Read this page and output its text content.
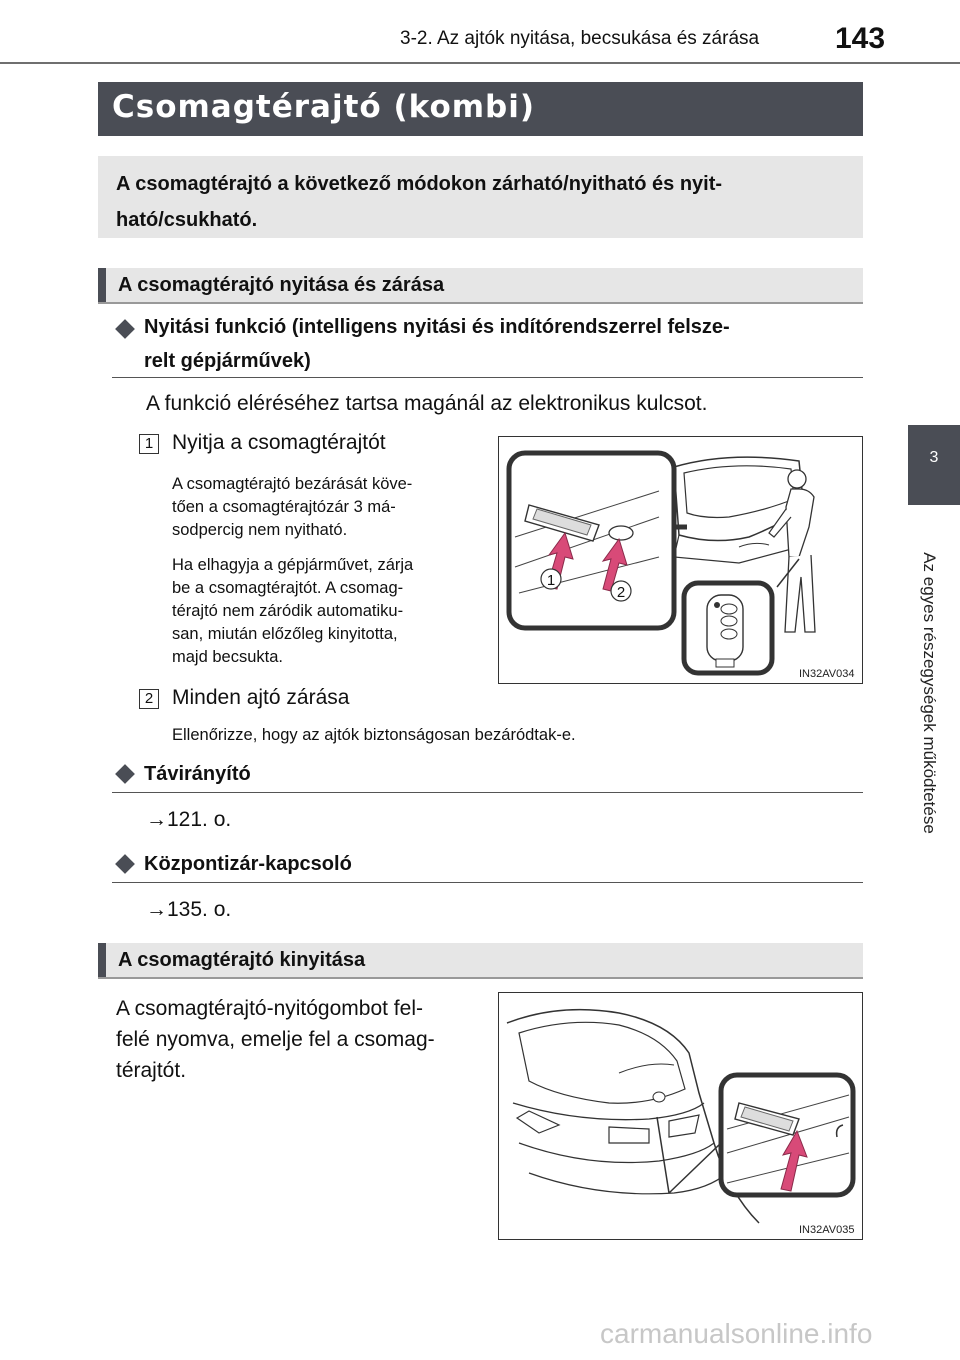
3-2. Az ajtók nyitása, becsukása és zárása	143
3
Az egyes részegységek működtetése
Csomagtérajtó (kombi)
A csomagtérajtó a következő módokon zárható/nyitható és nyit-
ható/csukható.
A csomagtérajtó nyitása és zárása
Nyitási funkció (intelligens nyitási és indítórendszerrel felsze-
relt gépjárművek)
A funkció eléréséhez tartsa magánál az elektronikus kulcsot.
1 Nyitja a csomagtérajtót
A csomagtérajtó bezárását köve-
tően a csomagtérajtózár 3 má-
sodpercig nem nyitható.
Ha elhagyja a gépjárművet, zárja
be a csomagtérajtót. A csomag-
térajtó nem záródik automatiku-
san, miután előzőleg kinyitotta,
majd becsukta.
1
2
IN32AV034
2 Minden ajtó zárása
Ellenőrizze, hogy az ajtók biztonságosan bezáródtak-e.
Távirányító
→121. o.
Központizár-kapcsoló
→135. o.
A csomagtérajtó kinyitása
A csomagtérajtó-nyitógombot fel-
felé nyomva, emelje fel a csomag-
térajtót.
IN32AV035
carmanualsonline.info
